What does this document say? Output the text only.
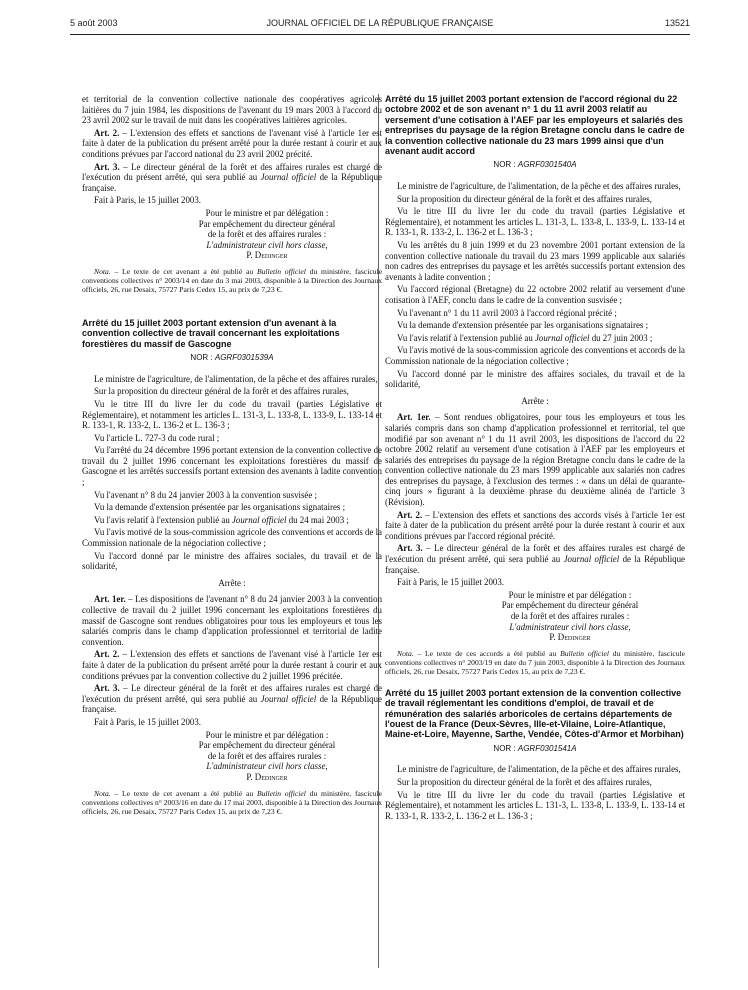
5 août 2003	JOURNAL OFFICIEL DE LA RÉPUBLIQUE FRANÇAISE	13521

et territorial de la convention collective nationale des coopératives agricoles laitières du 7 juin 1984, les dispositions de l'avenant du 19 mars 2003 à l'accord du 23 avril 2002 sur le travail de nuit dans les coopératives laitières agricoles.

Art. 2. – L'extension des effets et sanctions de l'avenant visé à l'article 1er est faite à dater de la publication du présent arrêté pour la durée restant à courir et aux conditions prévues par l'accord national du 23 avril 2002 précité.

Art. 3. – Le directeur général de la forêt et des affaires rurales est chargé de l'exécution du présent arrêté, qui sera publié au Journal officiel de la République française.

Fait à Paris, le 15 juillet 2003.

Pour le ministre et par délégation :
Par empêchement du directeur général
de la forêt et des affaires rurales :
L'administrateur civil hors classe,
P. Dedinger

Nota. – Le texte de cet avenant a été publié au Bulletin officiel du ministère, fascicule conventions collectives n° 2003/14 en date du 3 mai 2003, disponible à la Direction des Journaux officiels, 26, rue Desaix, 75727 Paris Cedex 15, au prix de 7,23 €.

Arrêté du 15 juillet 2003 portant extension d'un avenant à la convention collective de travail concernant les exploitations forestières du massif de Gascogne
NOR : AGRF0301539A

Le ministre de l'agriculture, de l'alimentation, de la pêche et des affaires rurales,

Sur la proposition du directeur général de la forêt et des affaires rurales,

Vu le titre III du livre Ier du code du travail (parties Législative et Réglementaire), et notamment les articles L. 131-3, L. 133-8, L. 133-9, L. 133-14 et R. 133-1, R. 133-2, L. 136-2 et L. 136-3 ;

Vu l'article L. 727-3 du code rural ;

Vu l'arrêté du 24 décembre 1996 portant extension de la convention collective de travail du 2 juillet 1996 concernant les exploitations forestières du massif de Gascogne et les arrêtés successifs portant extension des avenants à ladite convention ;

Vu l'avenant n° 8 du 24 janvier 2003 à la convention susvisée ;

Vu la demande d'extension présentée par les organisations signataires ;

Vu l'avis relatif à l'extension publié au Journal officiel du 24 mai 2003 ;

Vu l'avis motivé de la sous-commission agricole des conventions et accords de la Commission nationale de la négociation collective ;

Vu l'accord donné par le ministre des affaires sociales, du travail et de la solidarité,

Arrête :

Art. 1er. – Les dispositions de l'avenant n° 8 du 24 janvier 2003 à la convention collective de travail du 2 juillet 1996 concernant les exploitations forestières du massif de Gascogne sont rendues obligatoires pour tous les employeurs et tous les salariés compris dans le champ d'application professionnel et territorial de ladite convention.

Art. 2. – L'extension des effets et sanctions de l'avenant visé à l'article 1er est faite à dater de la publication du présent arrêté pour la durée restant à courir et aux conditions prévues par la convention collective du 2 juillet 1996 précitée.

Art. 3. – Le directeur général de la forêt et des affaires rurales est chargé de l'exécution du présent arrêté, qui sera publié au Journal officiel de la République française.

Fait à Paris, le 15 juillet 2003.

Pour le ministre et par délégation :
Par empêchement du directeur général
de la forêt et des affaires rurales :
L'administrateur civil hors classe,
P. Dedinger

Nota. – Le texte de cet avenant a été publié au Bulletin officiel du ministère, fascicule conventions collectives n° 2003/16 en date du 17 mai 2003, disponible à la Direction des Journaux officiels, 26, rue Desaix, 75727 Paris Cedex 15, au prix de 7,23 €.

Arrêté du 15 juillet 2003 portant extension de l'accord régional du 22 octobre 2002 et de son avenant n° 1 du 11 avril 2003 relatif au versement d'une cotisation à l'AEF par les employeurs et salariés des entreprises du paysage de la région Bretagne conclu dans le cadre de la convention collective nationale du 23 mars 1999 ainsi que d'un avenant audit accord
NOR : AGRF0301540A

Le ministre de l'agriculture, de l'alimentation, de la pêche et des affaires rurales,

Sur la proposition du directeur général de la forêt et des affaires rurales,

Vu le titre III du livre Ier du code du travail (parties Législative et Réglementaire), et notamment les articles L. 131-3, L. 133-8, L. 133-9, L. 133-14 et R. 133-1, R. 133-2, L. 136-2 et L. 136-3 ;

Vu les arrêtés du 8 juin 1999 et du 23 novembre 2001 portant extension de la convention collective nationale du travail du 23 mars 1999 applicable aux salariés non cadres des entreprises du paysage et les arrêtés successifs portant extension des avenants à ladite convention ;

Vu l'accord régional (Bretagne) du 22 octobre 2002 relatif au versement d'une cotisation à l'AEF, conclu dans le cadre de la convention susvisée ;

Vu l'avenant n° 1 du 11 avril 2003 à l'accord régional précité ;

Vu la demande d'extension présentée par les organisations signataires ;

Vu l'avis relatif à l'extension publié au Journal officiel du 27 juin 2003 ;

Vu l'avis motivé de la sous-commission agricole des conventions et accords de la Commission nationale de la négociation collective ;

Vu l'accord donné par le ministre des affaires sociales, du travail et de la solidarité,

Arrête :

Art. 1er. – Sont rendues obligatoires, pour tous les employeurs et tous les salariés compris dans son champ d'application professionnel et territorial, tel que modifié par son avenant n° 1 du 11 avril 2003, les dispositions de l'accord du 22 octobre 2002 relatif au versement d'une cotisation à l'AEF par les employeurs et salariés des entreprises du paysage de la région Bretagne conclu dans le cadre de la convention collective nationale du 23 mars 1999 applicable aux salariés non cadres des entreprises du paysage, à l'exclusion des termes : « dans un délai de quarante-cinq jours » figurant à la deuxième phrase du deuxième alinéa de l'article 3 (Révision).

Art. 2. – L'extension des effets et sanctions des accords visés à l'article 1er est faite à dater de la publication du présent arrêté pour la durée restant à courir et aux conditions prévues par l'accord régional précité.

Art. 3. – Le directeur général de la forêt et des affaires rurales est chargé de l'exécution du présent arrêté, qui sera publié au Journal officiel de la République française.

Fait à Paris, le 15 juillet 2003.

Pour le ministre et par délégation :
Par empêchement du directeur général
de la forêt et des affaires rurales :
L'administrateur civil hors classe,
P. Dedinger

Nota. – Le texte de ces accords a été publié au Bulletin officiel du ministère, fascicule conventions collectives n° 2003/19 en date du 7 juin 2003, disponible à la Direction des Journaux officiels, 26, rue Desaix, 75727 Paris Cedex 15, au prix de 7,23 €.

Arrêté du 15 juillet 2003 portant extension de la convention collective de travail réglementant les conditions d'emploi, de travail et de rémunération des salariés arboricoles de certains départements de l'ouest de la France (Deux-Sèvres, Ille-et-Vilaine, Loire-Atlantique, Maine-et-Loire, Mayenne, Sarthe, Vendée, Côtes-d'Armor et Morbihan)
NOR : AGRF0301541A

Le ministre de l'agriculture, de l'alimentation, de la pêche et des affaires rurales,

Sur la proposition du directeur général de la forêt et des affaires rurales,

Vu le titre III du livre Ier du code du travail (parties Législative et Réglementaire), et notamment les articles L. 131-3, L. 133-8, L. 133-9, L. 133-14 et R. 133-1, R. 133-2, L. 136-2 et L. 136-3 ;
